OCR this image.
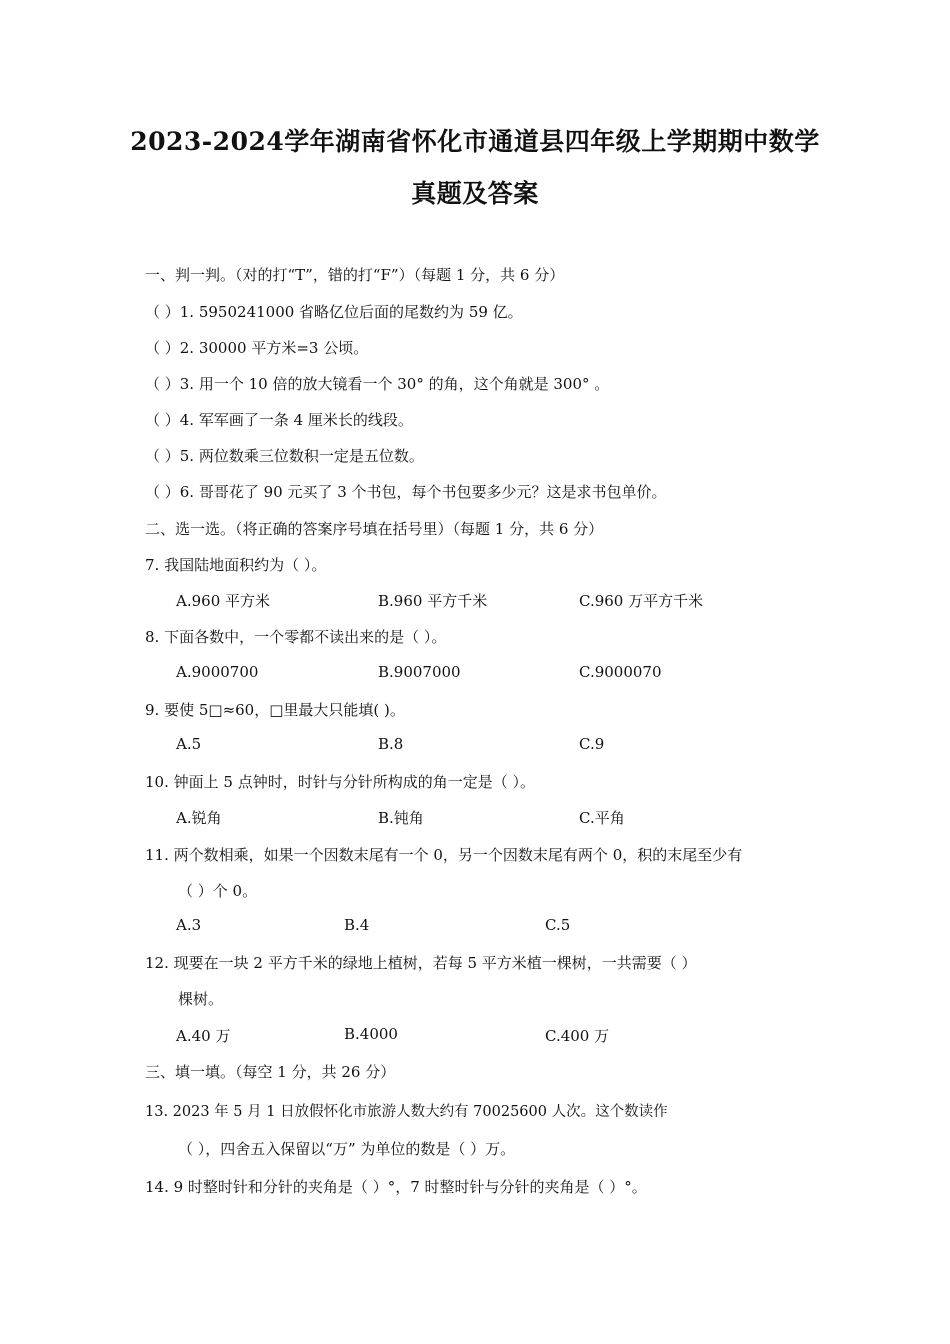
2023-2024学年湖南省怀化市通道县四年级上学期期中数学
真题及答案
一、判一判。（对的打“T”，错的打“F”）（每题 1 分，共 6 分）
（ ）1. 5950241000 省略亿位后面的尾数约为 59 亿。
（ ）2. 30000 平方米=3 公顷。
（ ）3. 用一个 10 倍的放大镜看一个 30° 的角，这个角就是 300° 。
（ ）4. 军军画了一条 4 厘米长的线段。
（ ）5. 两位数乘三位数积一定是五位数。
（ ）6. 哥哥花了 90 元买了 3 个书包，每个书包要多少元？这是求书包单价。
二、选一选。（将正确的答案序号填在括号里）（每题 1 分，共 6 分）
7. 我国陆地面积约为（ ）。
A.960 平方米	B.960 平方千米	C.960 万平方千米
8. 下面各数中，一个零都不读出来的是（ ）。
A.9000700	B.9007000	C.9000070
9. 要使 5□≈60，□里最大只能填( )。
A.5	B.8	C.9
10. 钟面上 5 点钟时，时针与分针所构成的角一定是（ ）。
A.锐角	B.钝角	C.平角
11. 两个数相乘，如果一个因数末尾有一个 0，另一个因数末尾有两个 0，积的末尾至少有
（ ）个 0。
A.3	B.4	C.5
12. 现要在一块 2 平方千米的绿地上植树，若每 5 平方米植一棵树，一共需要（ ）
棵树。
A.40 万	B.4000	C.400 万
三、填一填。（每空 1 分，共 26 分）
13. 2023 年 5 月 1 日放假怀化市旅游人数大约有 70025600 人次。这个数读作
（ ），四舍五入保留以“万” 为单位的数是（ ）万。
14. 9 时整时针和分针的夹角是（ ）°，7 时整时针与分针的夹角是（ ）°。
